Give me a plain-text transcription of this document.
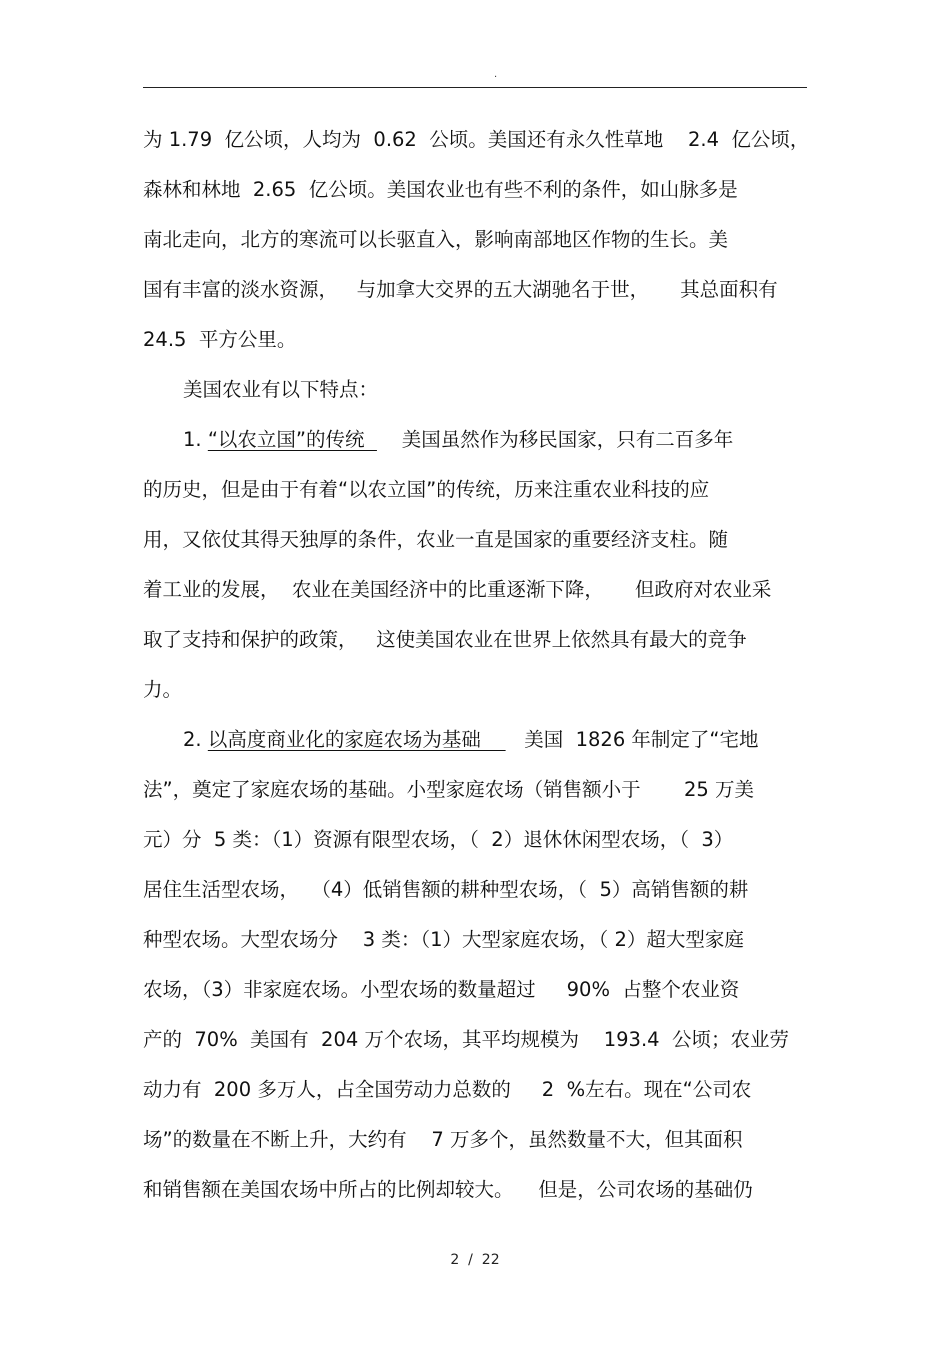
.
为 1.79  亿公顷，人均为  0.62  公顷。美国还有永久性草地    2.4  亿公顷，
森林和林地  2.65  亿公顷。美国农业也有些不利的条件，如山脉多是
南北走向，北方的寒流可以长驱直入，影响南部地区作物的生长。美
国有丰富的淡水资源，   与加拿大交界的五大湖驰名于世，     其总面积有
24.5  平方公里。
美国农业有以下特点：
1. “以农立国”的传统      美国虽然作为移民国家，只有二百多年
的历史，但是由于有着“以农立国”的传统，历来注重农业科技的应
用，又依仗其得天独厚的条件，农业一直是国家的重要经济支柱。随
着工业的发展，  农业在美国经济中的比重逐渐下降，     但政府对农业采
取了支持和保护的政策，   这使美国农业在世界上依然具有最大的竞争
力。
2. 以高度商业化的家庭农场为基础       美国  1826 年制定了“宅地
法”，奠定了家庭农场的基础。小型家庭农场（销售额小于       25 万美
元）分  5 类：（1）资源有限型农场，（  2）退休休闲型农场，（  3）
居住生活型农场，  （4）低销售额的耕种型农场，（  5）高销售额的耕
种型农场。大型农场分    3 类：（1）大型家庭农场，（ 2）超大型家庭
农场，（3）非家庭农场。小型农场的数量超过     90%  占整个农业资
产的  70%  美国有  204 万个农场，其平均规模为    193.4  公顷；农业劳
动力有  200 多万人，占全国劳动力总数的     2  %左右。现在“公司农
场”的数量在不断上升，大约有    7 万多个，虽然数量不大，但其面积
和销售额在美国农场中所占的比例却较大。    但是，公司农场的基础仍
2  /  22
